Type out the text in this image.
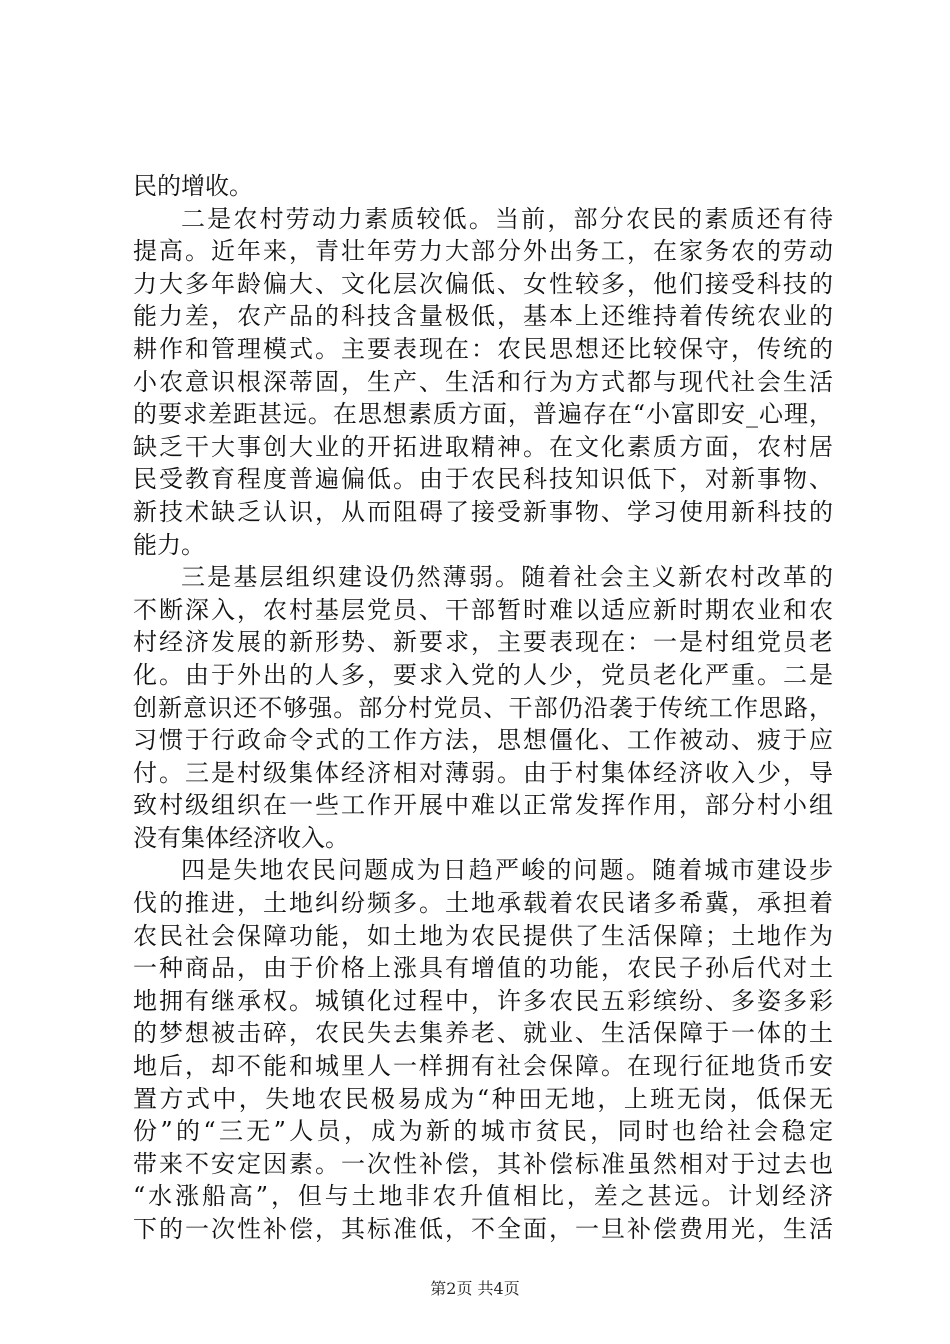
民的增收。
二是农村劳动力素质较低。当前，部分农民的素质还有待
提高。近年来，青壮年劳力大部分外出务工，在家务农的劳动
力大多年龄偏大、文化层次偏低、女性较多，他们接受科技的
能力差，农产品的科技含量极低，基本上还维持着传统农业的
耕作和管理模式。主要表现在：农民思想还比较保守，传统的
小农意识根深蒂固，生产、生活和行为方式都与现代社会生活
的要求差距甚远。在思想素质方面，普遍存在“小富即安_心理，
缺乏干大事创大业的开拓进取精神。在文化素质方面，农村居
民受教育程度普遍偏低。由于农民科技知识低下，对新事物、
新技术缺乏认识，从而阻碍了接受新事物、学习使用新科技的
能力。
三是基层组织建设仍然薄弱。随着社会主义新农村改革的
不断深入，农村基层党员、干部暂时难以适应新时期农业和农
村经济发展的新形势、新要求，主要表现在：一是村组党员老
化。由于外出的人多，要求入党的人少，党员老化严重。二是
创新意识还不够强。部分村党员、干部仍沿袭于传统工作思路，
习惯于行政命令式的工作方法，思想僵化、工作被动、疲于应
付。三是村级集体经济相对薄弱。由于村集体经济收入少，导
致村级组织在一些工作开展中难以正常发挥作用，部分村小组
没有集体经济收入。
四是失地农民问题成为日趋严峻的问题。随着城市建设步
伐的推进，土地纠纷频多。土地承载着农民诸多希冀，承担着
农民社会保障功能，如土地为农民提供了生活保障；土地作为
一种商品，由于价格上涨具有增值的功能，农民子孙后代对土
地拥有继承权。城镇化过程中，许多农民五彩缤纷、多姿多彩
的梦想被击碎，农民失去集养老、就业、生活保障于一体的土
地后，却不能和城里人一样拥有社会保障。在现行征地货币安
置方式中，失地农民极易成为“种田无地，上班无岗，低保无
份”的“三无”人员，成为新的城市贫民，同时也给社会稳定
带来不安定因素。一次性补偿，其补偿标准虽然相对于过去也
“水涨船高”，但与土地非农升值相比，差之甚远。计划经济
下的一次性补偿，其标准低，不全面，一旦补偿费用光，生活
第2页 共4页
